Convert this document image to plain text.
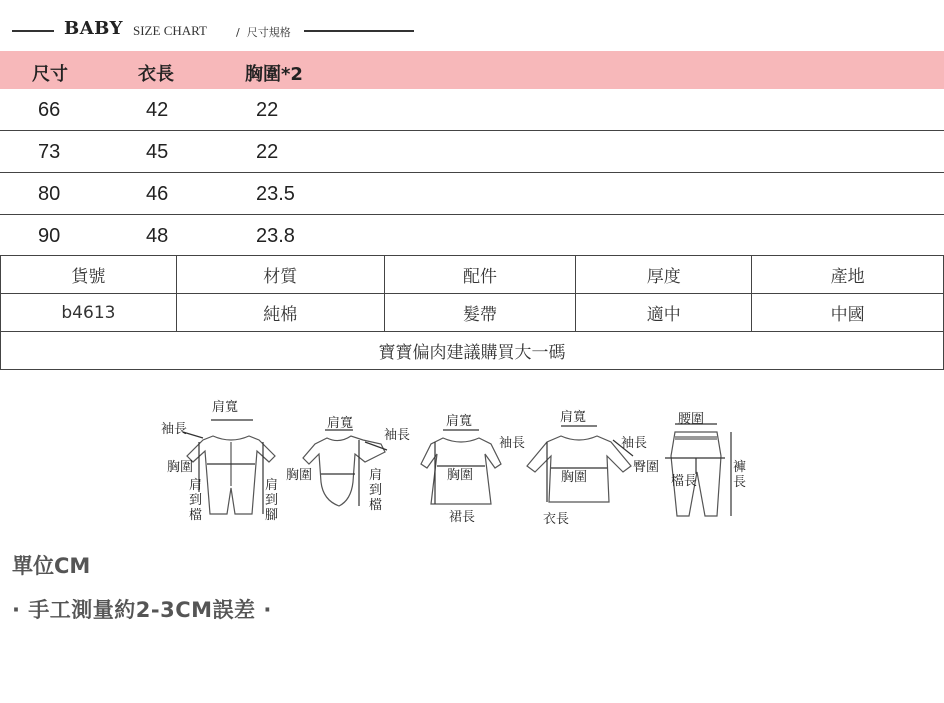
BABY SIZE CHART	/ 尺寸規格
尺寸	衣長	胸圍*2
66	42	22
73	45	22
80	46	23.5
90	48	23.8
貨號	材質	配件	厚度	產地
b4613	純棉	髮帶	適中	中國
寶寶偏肉建議購買大一碼				
肩寬
袖長
胸圍
肩到檔
肩到腳
肩寬
袖長
胸圍	肩到檔
肩寬
胸圍
裙長
袖長
肩寬
胸圍
衣長
袖長
腰圍
臀圍
檔長
褲長
單位CM
· 手工測量約2-3CM誤差 ·
